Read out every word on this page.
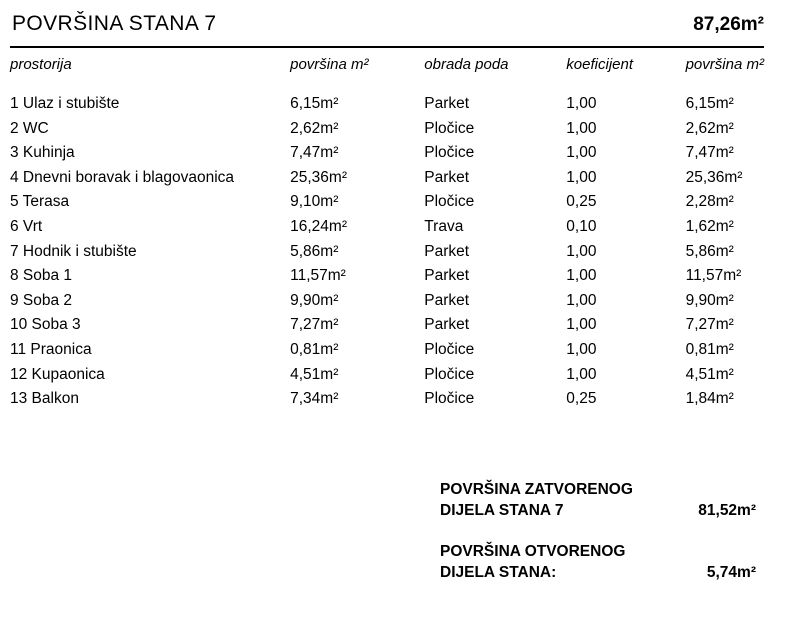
POVRŠINA STANA 7	87,26m²
prostorija	površina m²	obrada poda	koeficijent	površina m²
1 Ulaz i stubište	6,15m²	Parket	1,00	6,15m²
2 WC	2,62m²	Pločice	1,00	2,62m²
3 Kuhinja	7,47m²	Pločice	1,00	7,47m²
4 Dnevni boravak i blagovaonica	25,36m²	Parket	1,00	25,36m²
5 Terasa	9,10m²	Pločice	0,25	2,28m²
6 Vrt	16,24m²	Trava	0,10	1,62m²
7 Hodnik i stubište	5,86m²	Parket	1,00	5,86m²
8 Soba 1	11,57m²	Parket	1,00	11,57m²
9 Soba 2	9,90m²	Parket	1,00	9,90m²
10 Soba 3	7,27m²	Parket	1,00	7,27m²
11 Praonica	0,81m²	Pločice	1,00	0,81m²
12 Kupaonica	4,51m²	Pločice	1,00	4,51m²
13 Balkon	7,34m²	Pločice	0,25	1,84m²
POVRŠINA ZATVORENOG
DIJELA STANA 7	81,52m²
POVRŠINA OTVORENOG
DIJELA STANA:	5,74m²
